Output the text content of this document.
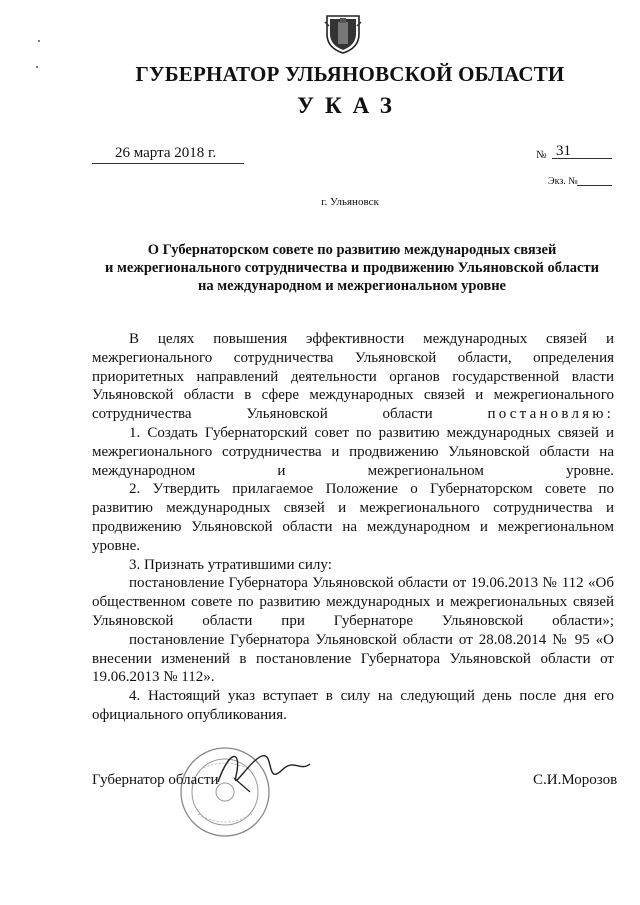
ГУБЕРНАТОР УЛЬЯНОВСКОЙ ОБЛАСТИ
УКАЗ
26 марта 2018 г.	№ 31
Экз. №
г. Ульяновск
О Губернаторском совете по развитию международных связей
и межрегионального сотрудничества и продвижению Ульяновской области
на международном и межрегиональном уровне

В целях повышения эффективности международных связей и межрегионального сотрудничества Ульяновской области, определения приоритетных направлений деятельности органов государственной власти Ульяновской области в сфере международных связей и межрегионального сотрудничества Ульяновской области	постановляю:

1. Создать Губернаторский совет по развитию международных связей и межрегионального сотрудничества и продвижению Ульяновской области на международном и межрегиональном уровне.

2. Утвердить прилагаемое Положение о Губернаторском совете по развитию международных связей и межрегионального сотрудничества и продвижению Ульяновской области на международном и межрегиональном уровне.

3. Признать утратившими силу:

постановление Губернатора Ульяновской области от 19.06.2013 № 112 «Об общественном совете по развитию международных и межрегиональных связей Ульяновской области при Губернаторе Ульяновской области»;

постановление Губернатора Ульяновской области от 28.08.2014 № 95 «О внесении изменений в постановление Губернатора Ульяновской области от 19.06.2013 № 112».

4. Настоящий указ вступает в силу на следующий день после дня его официального опубликования.

Губернатор области	С.И.Морозов
